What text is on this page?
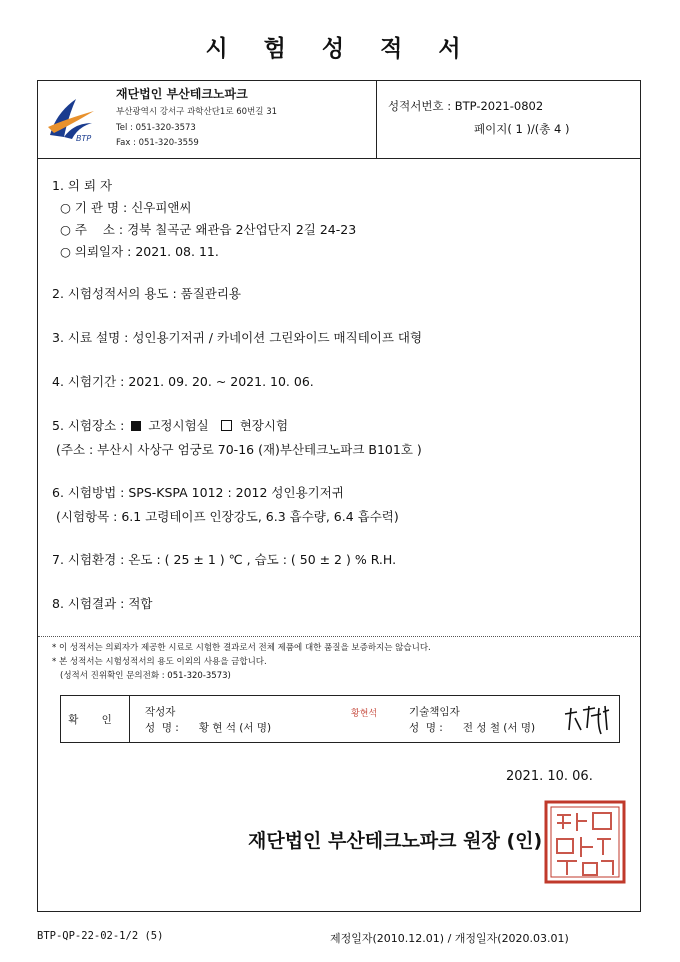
시 험 성 적 서
BTP
재단법인 부산테크노파크
부산광역시 강서구 과학산단1로 60번길 31
Tel : 051-320-3573
Fax : 051-320-3559
성적서번호 : BTP-2021-0802
페이지( 1 )/(총 4 )
1. 의 뢰 자
○ 기 관 명 : 신우피앤씨
○ 주    소 : 경북 칠곡군 왜관읍 2산업단지 2길 24-23
○ 의뢰일자 : 2021. 08. 11.
2. 시험성적서의 용도 : 품질관리용
3. 시료 설명 : 성인용기저귀 / 카네이션 그린와이드 매직테이프 대형
4. 시험기간 : 2021. 09. 20. ~ 2021. 10. 06.
5. 시험장소 : 고정시험실 현장시험
(주소 : 부산시 사상구 엄궁로 70-16 (재)부산테크노파크 B101호 )
6. 시험방법 : SPS-KSPA 1012 : 2012 성인용기저귀
(시험항목 : 6.1 고령테이프 인장강도, 6.3 흡수량, 6.4 흡수력)
7. 시험환경 : 온도 : ( 25 ± 1 ) ℃ , 습도 : ( 50 ± 2 ) % R.H.
8. 시험결과 : 적합
* 이 성적서는 의뢰자가 제공한 시료로 시험한 결과로서 전체 제품에 대한 품질을 보증하지는 않습니다.
* 본 성적서는 시험성적서의 용도 이외의 사용을 금합니다.
(성적서 진위확인 문의전화 : 051-320-3573)
확 인
작성자
성  명 :      황 현 석 (서 명)
황현석	기술책임자
성  명 :      전 성 철 (서 명)
2021. 10. 06.
재단법인 부산테크노파크 원장 (인)
BTP-QP-22-02-1/2 (5)	제정일자(2010.12.01) / 개정일자(2020.03.01)
